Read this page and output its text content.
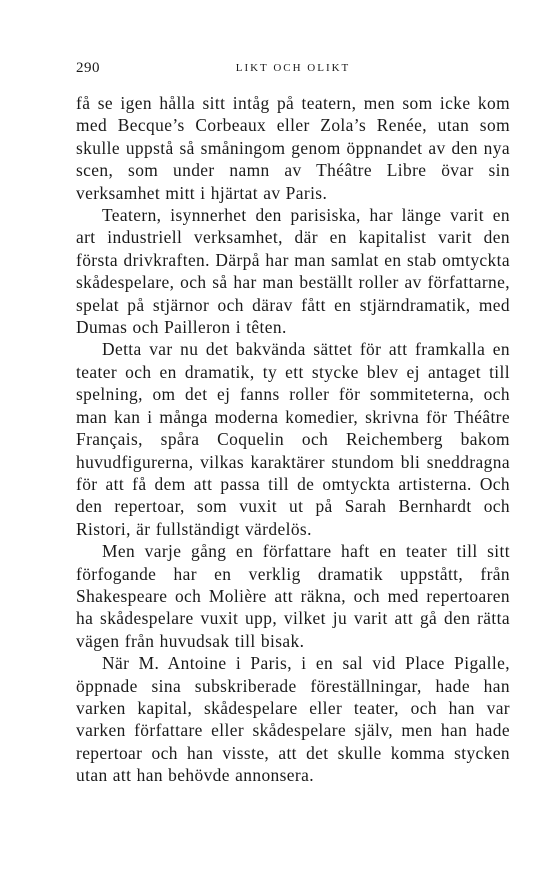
290	LIKT OCH OLIKT

få se igen hålla sitt intåg på teatern, men som icke kom med Becque’s Corbeaux eller Zola’s Renée, utan som skulle uppstå så småningom genom öppnandet av den nya scen, som under namn av Théâtre Libre övar sin verksamhet mitt i hjärtat av Paris.

Teatern, isynnerhet den parisiska, har länge varit en art industriell verksamhet, där en kapitalist varit den första drivkraften. Därpå har man samlat en stab omtyckta skådespelare, och så har man beställt roller av författarne, spelat på stjärnor och därav fått en stjärndramatik, med Dumas och Pailleron i têten.

Detta var nu det bakvända sättet för att framkalla en teater och en dramatik, ty ett stycke blev ej antaget till spelning, om det ej fanns roller för sommiteterna, och man kan i många moderna komedier, skrivna för Théâtre Français, spåra Coquelin och Reichemberg bakom huvudfigurerna, vilkas karaktärer stundom bli sneddragna för att få dem att passa till de omtyckta artisterna. Och den repertoar, som vuxit ut på Sarah Bernhardt och Ristori, är fullständigt värdelös.

Men varje gång en författare haft en teater till sitt förfogande har en verklig dramatik uppstått, från Shakespeare och Molière att räkna, och med repertoaren ha skådespelare vuxit upp, vilket ju varit att gå den rätta vägen från huvudsak till bisak.

När M. Antoine i Paris, i en sal vid Place Pigalle, öppnade sina subskriberade föreställningar, hade han varken kapital, skådespelare eller teater, och han var varken författare eller skådespelare själv, men han hade repertoar och han visste, att det skulle komma stycken utan att han behövde annonsera.
